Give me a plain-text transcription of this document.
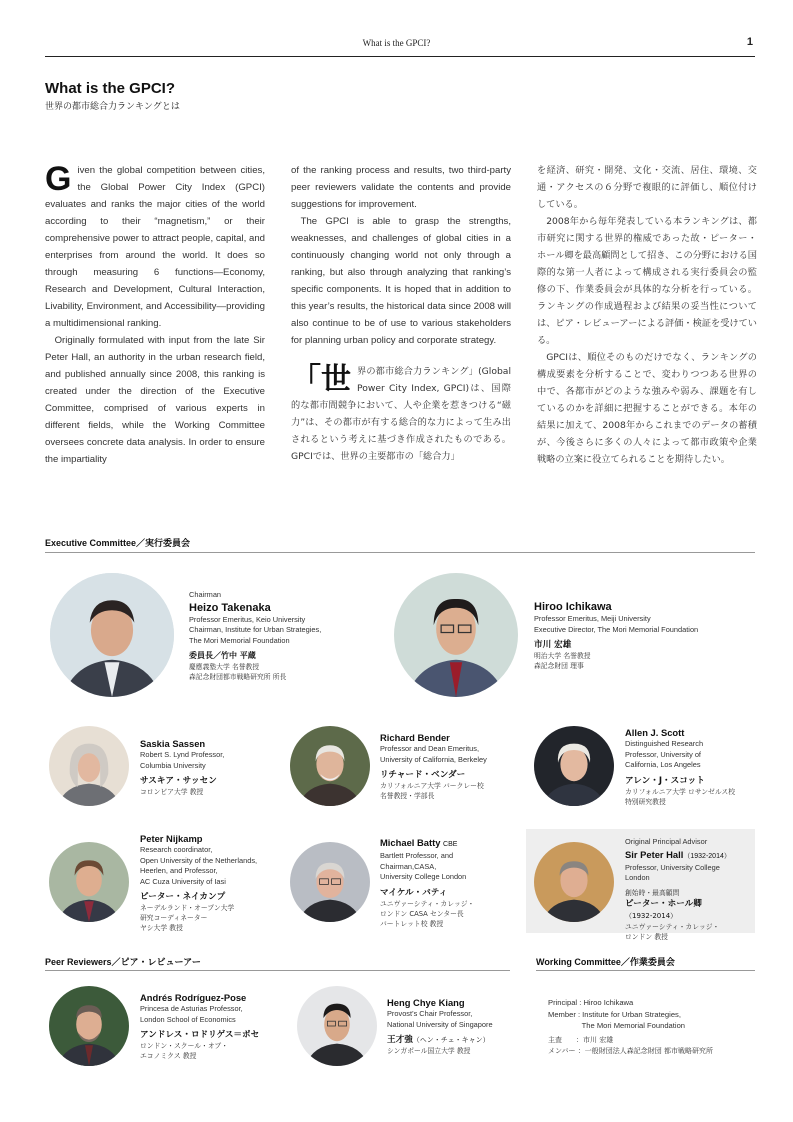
What is the GPCI?	1
What is the GPCI?
世界の都市総合力ランキングとは
G iven the global competition between cities, the Global Power City Index (GPCI) evaluates and ranks the major cities of the world according to their “magnetism,” or their comprehensive power to attract people, capital, and enterprises from around the world. It does so through measuring 6 functions—Economy, Research and Development, Cultural Interaction, Livability, Environment, and Accessibility—providing a multidimensional ranking.

Originally formulated with input from the late Sir Peter Hall, an authority in the urban research field, and published annually since 2008, this ranking is created under the direction of the Executive Committee, comprised of various experts in different fields, while the Working Committee oversees concrete data analysis. In order to ensure the impartiality

of the ranking process and results, two third-party peer reviewers validate the contents and provide suggestions for improvement.

The GPCI is able to grasp the strengths, weaknesses, and challenges of global cities in a continuously changing world not only through a ranking, but also through analyzing that ranking’s specific components. It is hoped that in addition to this year’s results, the historical data since 2008 will also continue to be of use to various stakeholders for planning urban policy and corporate strategy.

「世 界の都市総合力ランキング」(Global Power City Index, GPCI)は、国際的な都市間競争において、人や企業を惹きつける“磁力”は、その都市が有する総合的な力によって生み出されるという考えに基づき作成されたものである。GPCIでは、世界の主要都市の「総合力」

を経済、研究・開発、文化・交流、居住、環境、交通・アクセスの６分野で複眼的に評価し、順位付けしている。

2008年から毎年発表している本ランキングは、都市研究に関する世界的権威であった故・ピーター・ホール卿を最高顧問として招き、この分野における国際的な第一人者によって構成される実行委員会の監修の下、作業委員会が具体的な分析を行っている。ランキングの作成過程および結果の妥当性については、ピア・レビューアーによる評価・検証を受けている。

GPCIは、順位そのものだけでなく、ランキングの構成要素を分析することで、変わりつつある世界の中で、各都市がどのような強みや弱み、課題を有しているのかを詳細に把握することができる。本年の結果に加えて、2008年からこれまでのデータの蓄積が、今後さらに多くの人々によって都市政策や企業戦略の立案に役立てられることを期待したい。

Executive Committee／実行委員会
Chairman
Heizo Takenaka
Professor Emeritus, Keio University
Chairman, Institute for Urban Strategies,
The Mori Memorial Foundation
委員長／竹中 平蔵
慶應義塾大学 名誉教授
森記念財団都市戦略研究所 所長
Hiroo Ichikawa
Professor Emeritus, Meiji University
Executive Director, The Mori Memorial Foundation
市川 宏雄
明治大学 名誉教授
森記念財団 理事
Saskia Sassen
Robert S. Lynd Professor,
Columbia University
サスキア・サッセン
コロンビア大学 教授
Richard Bender
Professor and Dean Emeritus,
University of California, Berkeley
リチャード・ベンダー
カリフォルニア大学 バークレー校
名誉教授・学部長
Allen J. Scott
Distinguished Research
Professor, University of
California, Los Angeles
アレン・J・スコット
カリフォルニア大学 ロサンゼルス校
特別研究教授
Peter Nijkamp
Research coordinator,
Open University of the Netherlands,
Heerlen, and Professor,
AC Cuza University of Iasi
ピーター・ネイカンプ
ネーデルランド・オープン大学
研究コーディネーター
ヤシ大学 教授
Michael Batty CBE
Bartlett Professor, and
Chairman,CASA,
University College London
マイケル・バティ
ユニヴァーシティ・カレッジ・
ロンドン CASA センター長
バートレット校 教授
Original Principal Advisor
Sir Peter Hall（1932-2014）
Professor, University College
London
創始時・最高顧問
ピーター・ホール卿（1932-2014）
ユニヴァーシティ・カレッジ・
ロンドン 教授
Peer Reviewers／ピア・レビューアー
Andrés Rodríguez-Pose
Princesa de Asturias Professor,
London School of Economics
アンドレス・ロドリゲス＝ポセ
ロンドン・スクール・オブ・
エコノミクス 教授
Heng Chye Kiang
Provost’s Chair Professor,
National University of Singapore
王才強（ヘン・チェ・キャン）
シンガポール国立大学 教授
Working Committee／作業委員会
Principal : Hiroo Ichikawa
Member : Institute for Urban Strategies,
The Mori Memorial Foundation
主査　　：市川 宏雄
メンバー ：一般財団法人森記念財団 都市戦略研究所
